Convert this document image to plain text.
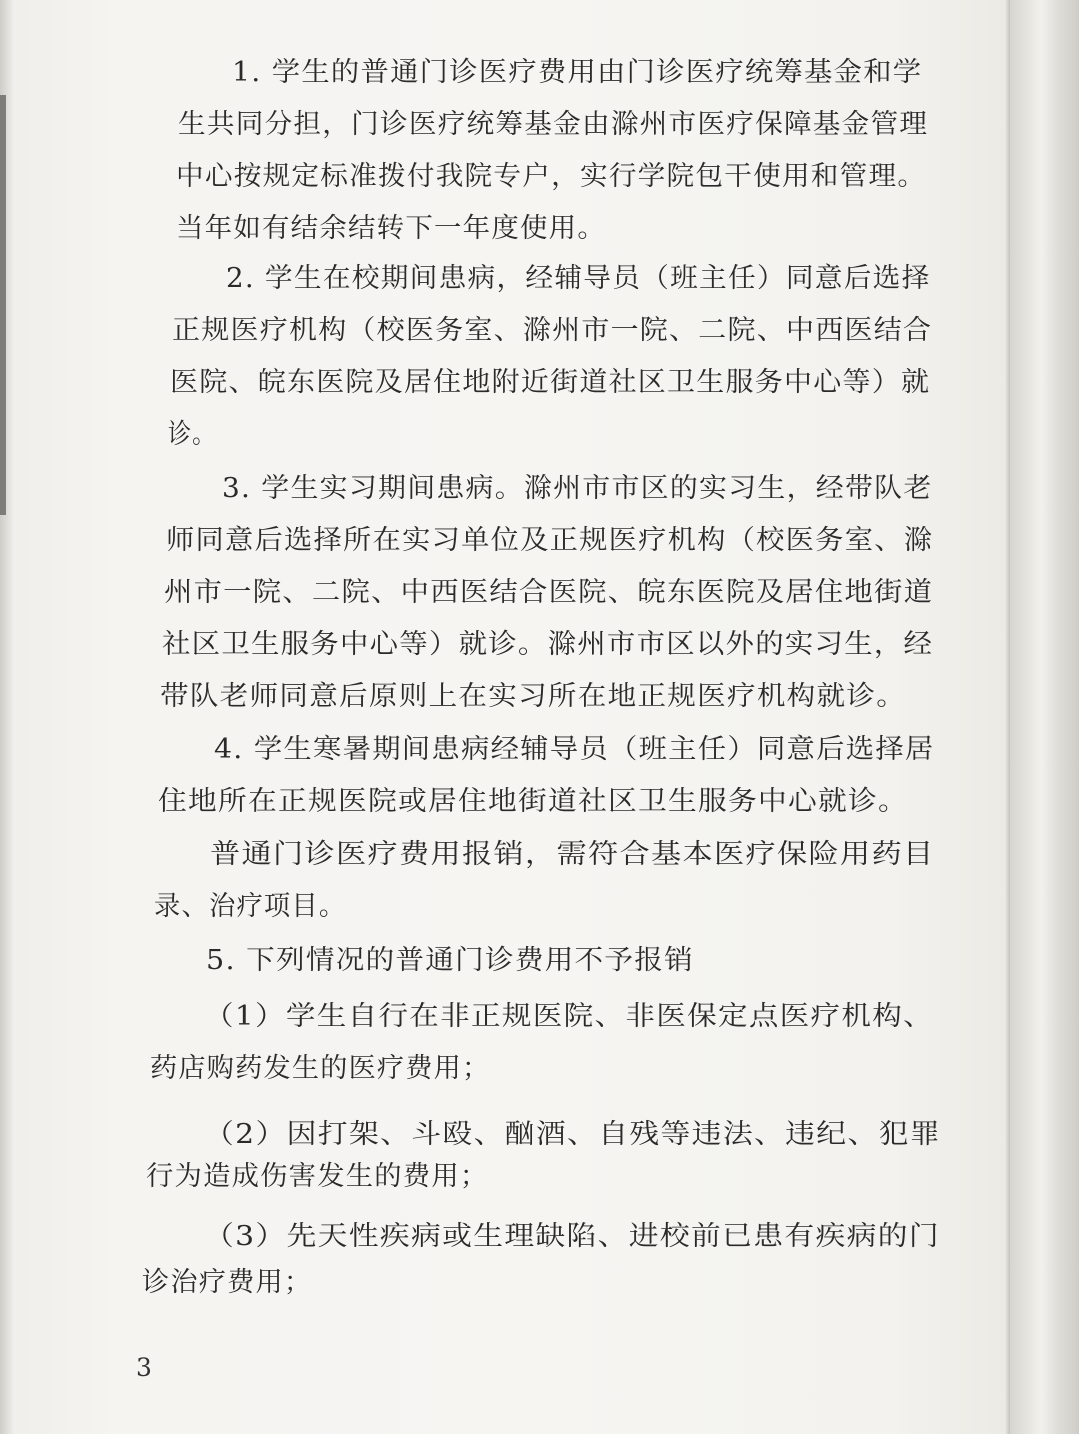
1. 学生的普通门诊医疗费用由门诊医疗统筹基金和学

生共同分担，门诊医疗统筹基金由滁州市医疗保障基金管理

中心按规定标准拨付我院专户，实行学院包干使用和管理。

当年如有结余结转下一年度使用。

2. 学生在校期间患病，经辅导员（班主任）同意后选择

正规医疗机构（校医务室、滁州市一院、二院、中西医结合

医院、皖东医院及居住地附近街道社区卫生服务中心等）就

诊。

3. 学生实习期间患病。滁州市市区的实习生，经带队老

师同意后选择所在实习单位及正规医疗机构（校医务室、滁

州市一院、二院、中西医结合医院、皖东医院及居住地街道

社区卫生服务中心等）就诊。滁州市市区以外的实习生，经

带队老师同意后原则上在实习所在地正规医疗机构就诊。

4. 学生寒暑期间患病经辅导员（班主任）同意后选择居

住地所在正规医院或居住地街道社区卫生服务中心就诊。

普通门诊医疗费用报销，需符合基本医疗保险用药目

录、治疗项目。

5. 下列情况的普通门诊费用不予报销

（1）学生自行在非正规医院、非医保定点医疗机构、

药店购药发生的医疗费用；

（2）因打架、斗殴、酗酒、自残等违法、违纪、犯罪

行为造成伤害发生的费用；

（3）先天性疾病或生理缺陷、进校前已患有疾病的门

诊治疗费用；

3
